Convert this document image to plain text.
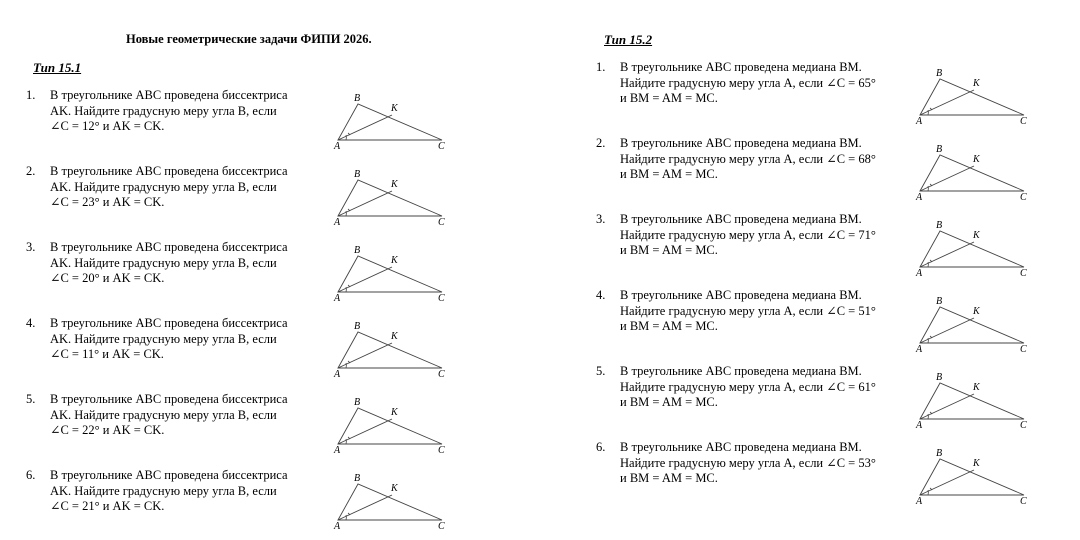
Новые геометрические задачи ФИПИ 2026.
Тип 15.1
Тип 15.2
1. В треугольнике ABC проведена биссектриса
AK. Найдите градусную меру угла B, если
∠C = 12° и AK = CK.
A
B
C
K
2. В треугольнике ABC проведена биссектриса
AK. Найдите градусную меру угла B, если
∠C = 23° и AK = CK.
A
B
C
K
3. В треугольнике ABC проведена биссектриса
AK. Найдите градусную меру угла B, если
∠C = 20° и AK = CK.
A
B
C
K
4. В треугольнике ABC проведена биссектриса
AK. Найдите градусную меру угла B, если
∠C = 11° и AK = CK.
A
B
C
K
5. В треугольнике ABC проведена биссектриса
AK. Найдите градусную меру угла B, если
∠C = 22° и AK = CK.
A
B
C
K
6. В треугольнике ABC проведена биссектриса
AK. Найдите градусную меру угла B, если
∠C = 21° и AK = CK.
A
B
C
K
1. В треугольнике ABC проведена медиана BM.
Найдите градусную меру угла A, если ∠C = 65°
и BM = AM = MC.
A
B
C
K
2. В треугольнике ABC проведена медиана BM.
Найдите градусную меру угла A, если ∠C = 68°
и BM = AM = MC.
A
B
C
K
3. В треугольнике ABC проведена медиана BM.
Найдите градусную меру угла A, если ∠C = 71°
и BM = AM = MC.
A
B
C
K
4. В треугольнике ABC проведена медиана BM.
Найдите градусную меру угла A, если ∠C = 51°
и BM = AM = MC.
A
B
C
K
5. В треугольнике ABC проведена медиана BM.
Найдите градусную меру угла A, если ∠C = 61°
и BM = AM = MC.
A
B
C
K
6. В треугольнике ABC проведена медиана BM.
Найдите градусную меру угла A, если ∠C = 53°
и BM = AM = MC.
A
B
C
K
